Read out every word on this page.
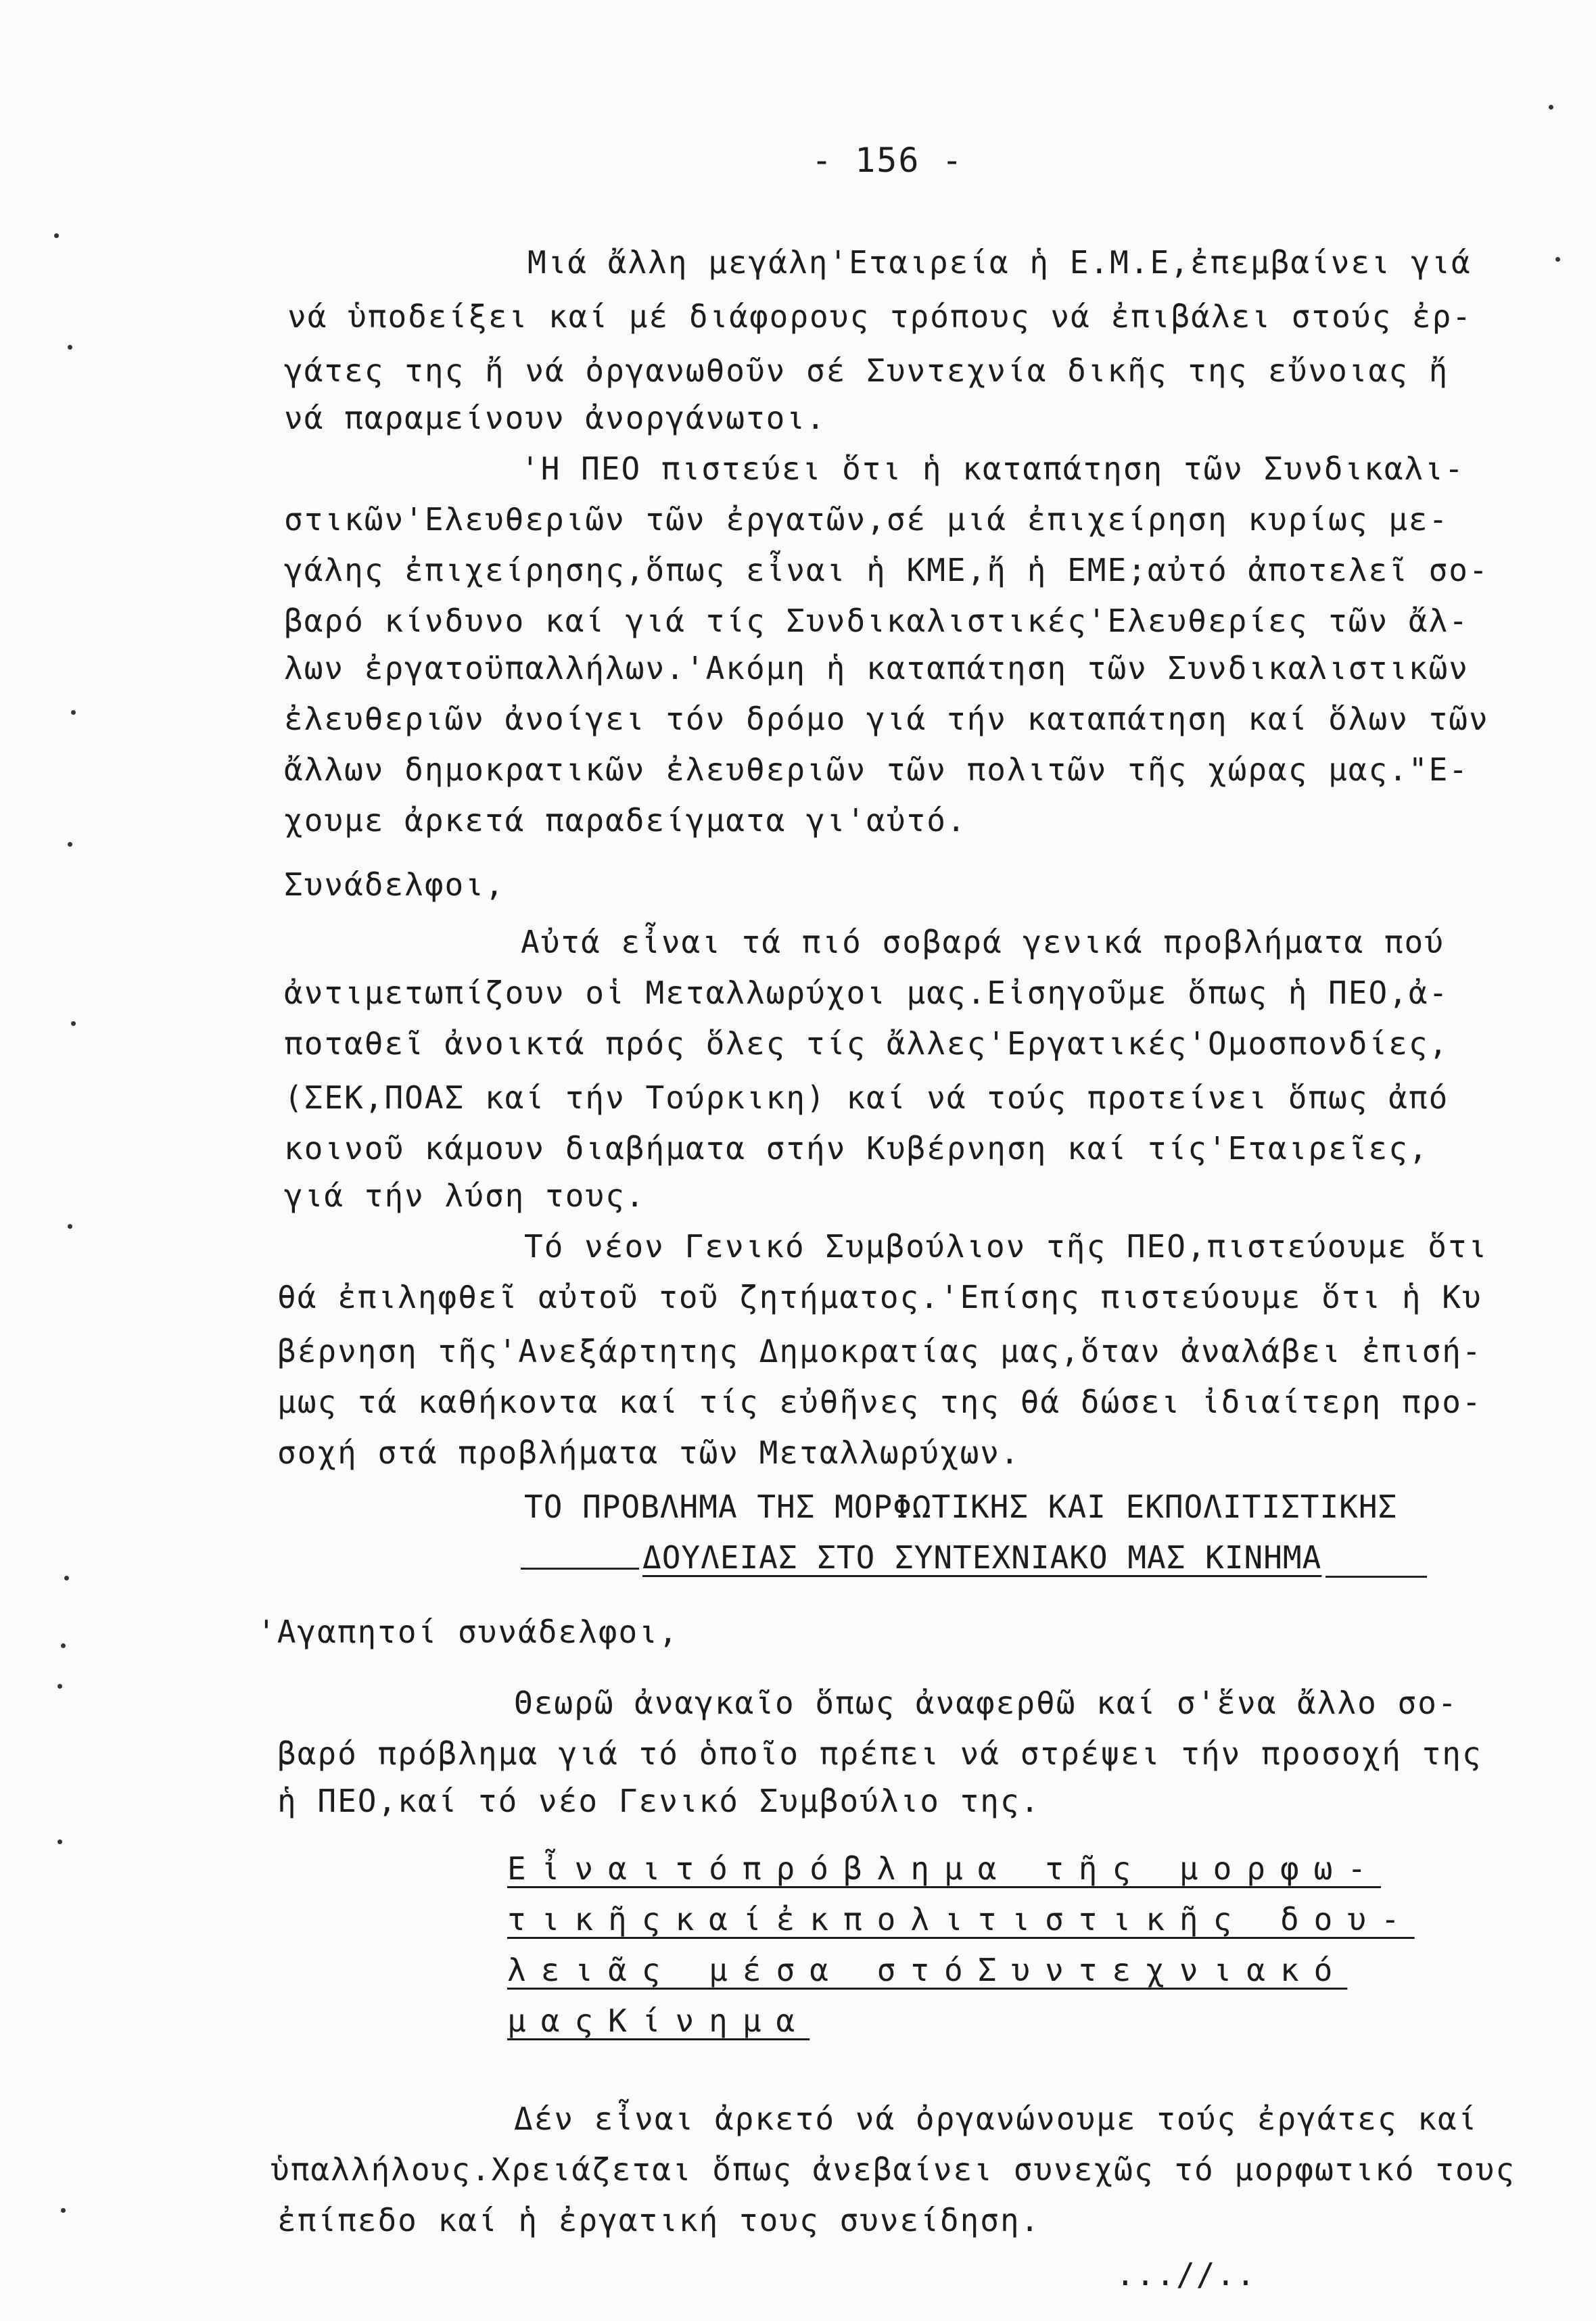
- 156 -
Μιά ἄλλη μεγάλη'Εταιρεία ἡ Ε.Μ.Ε,ἐπεμβαίνει γιά
νά ὑποδείξει καί μέ διάφορους τρόπους νά ἐπιβάλει στούς ἐρ-
γάτες της ἤ νά ὀργανωθοῦν σέ Συντεχνία δικῆς της εὔνοιας ἤ
νά παραμείνουν ἀνοργάνωτοι.
'Η ΠΕΟ πιστεύει ὅτι ἡ καταπάτηση τῶν Συνδικαλι-
στικῶν'Ελευθεριῶν τῶν ἐργατῶν,σέ μιά ἐπιχείρηση κυρίως με-
γάλης ἐπιχείρησης,ὅπως εἶναι ἡ ΚΜΕ,ἤ ἡ ΕΜΕ;αὐτό ἀποτελεῖ σο-
βαρό κίνδυνο καί γιά τίς Συνδικαλιστικές'Ελευθερίες τῶν ἄλ-
λων ἐργατοϋπαλλήλων.'Ακόμη ἡ καταπάτηση τῶν Συνδικαλιστικῶν
ἐλευθεριῶν ἀνοίγει τόν δρόμο γιά τήν καταπάτηση καί ὅλων τῶν
ἄλλων δημοκρατικῶν ἐλευθεριῶν τῶν πολιτῶν τῆς χώρας μας."Ε-
χουμε ἀρκετά παραδείγματα γι'αὐτό.
Συνάδελφοι,
Αὐτά εἶναι τά πιό σοβαρά γενικά προβλήματα πού
ἀντιμετωπίζουν οἱ Μεταλλωρύχοι μας.Εἰσηγοῦμε ὅπως ἡ ΠΕΟ,ἀ-
ποταθεῖ ἀνοικτά πρός ὅλες τίς ἄλλες'Εργατικές'Ομοσπονδίες,
(ΣΕΚ,ΠΟΑΣ καί τήν Τούρκικη) καί νά τούς προτείνει ὅπως ἀπό
κοινοῦ κάμουν διαβήματα στήν Κυβέρνηση καί τίς'Εταιρεῖες,
γιά τήν λύση τους.
Τό νέον Γενικό Συμβούλιον τῆς ΠΕΟ,πιστεύουμε ὅτι
θά ἐπιληφθεῖ αὐτοῦ τοῦ ζητήματος.'Επίσης πιστεύουμε ὅτι ἡ Κυ
βέρνηση τῆς'Ανεξάρτητης Δημοκρατίας μας,ὅταν ἀναλάβει ἐπισή-
μως τά καθήκοντα καί τίς εὐθῆνες της θά δώσει ἰδιαίτερη προ-
σοχή στά προβλήματα τῶν Μεταλλωρύχων.
ΤΟ ΠΡΟΒΛΗΜΑ ΤΗΣ ΜΟΡΦΩΤΙΚΗΣ ΚΑΙ ΕΚΠΟΛΙΤΙΣΤΙΚΗΣ
ΔΟΥΛΕΙΑΣ ΣΤΟ ΣΥΝΤΕΧΝΙΑΚΟ ΜΑΣ ΚΙΝΗΜΑ
'Αγαπητοί συνάδελφοι,
Θεωρῶ ἀναγκαῖο ὅπως ἀναφερθῶ καί σ'ἕνα ἄλλο σο-
βαρό πρόβλημα γιά τό ὁποῖο πρέπει νά στρέψει τήν προσοχή της
ἡ ΠΕΟ,καί τό νέο Γενικό Συμβούλιο της.
Εἶναιτόπρόβλημα τῆς μορφω-
τικῆςκαίἐκπολιτιστικῆς δου-
λειᾶς μέσα στόΣυντεχνιακό
μαςΚίνημα
Δέν εἶναι ἀρκετό νά ὀργανώνουμε τούς ἐργάτες καί
ὑπαλλήλους.Χρειάζεται ὅπως ἀνεβαίνει συνεχῶς τό μορφωτικό τους
ἐπίπεδο καί ἡ ἐργατική τους συνείδηση.
...//..
